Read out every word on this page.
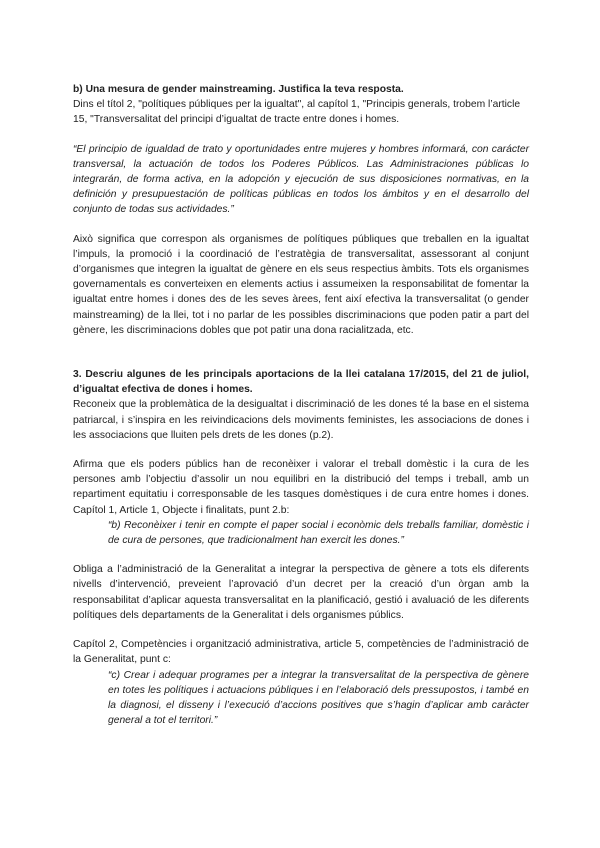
b) Una mesura de gender mainstreaming. Justifica la teva resposta.

Dins el títol 2, "polítiques públiques per la igualtat", al capítol 1, "Principis generals, trobem l’article 15, "Transversalitat del principi d’igualtat de tracte entre dones i homes.

“El principio de igualdad de trato y oportunidades entre mujeres y hombres informará, con carácter transversal, la actuación de todos los Poderes Públicos. Las Administraciones públicas lo integrarán, de forma activa, en la adopción y ejecución de sus disposiciones normativas, en la definición y presupuestación de políticas públicas en todos los ámbitos y en el desarrollo del conjunto de todas sus actividades.”

Això significa que correspon als organismes de polítiques públiques que treballen en la igualtat l’impuls, la promoció i la coordinació de l’estratègia de transversalitat, assessorant al conjunt d’organismes que integren la igualtat de gènere en els seus respectius àmbits. Tots els organismes governamentals es converteixen en elements actius i assumeixen la responsabilitat de fomentar la igualtat entre homes i dones des de les seves àrees, fent així efectiva la transversalitat (o gender mainstreaming) de la llei, tot i no parlar de les possibles discriminacions que poden patir a part del gènere, les discriminacions dobles que pot patir una dona racialitzada, etc.

3. Descriu algunes de les principals aportacions de la llei catalana 17/2015, del 21 de juliol, d’igualtat efectiva de dones i homes.

Reconeix que la problemàtica de la desigualtat i discriminació de les dones té la base en el sistema patriarcal, i s’inspira en les reivindicacions dels moviments feministes, les associacions de dones i les associacions que lluiten pels drets de les dones (p.2).

Afirma que els poders públics han de reconèixer i valorar el treball domèstic i la cura de les persones amb l’objectiu d’assolir un nou equilibri en la distribució del temps i treball, amb un repartiment equitatiu i corresponsable de les tasques domèstiques i de cura entre homes i dones. Capítol 1, Article 1, Objecte i finalitats, punt 2.b:

“b) Reconèixer i tenir en compte el paper social i econòmic dels treballs familiar, domèstic i de cura de persones, que tradicionalment han exercit les dones.”

Obliga a l’administració de la Generalitat a integrar la perspectiva de gènere a tots els diferents nivells d’intervenció, preveient l’aprovació d’un decret per la creació d’un òrgan amb la responsabilitat d’aplicar aquesta transversalitat en la planificació, gestió i avaluació de les diferents polítiques dels departaments de la Generalitat i dels organismes públics.

Capítol 2, Competències i organització administrativa, article 5, competències de l’administració de la Generalitat, punt c:

“c) Crear i adequar programes per a integrar la transversalitat de la perspectiva de gènere en totes les polítiques i actuacions públiques i en l’elaboració dels pressupostos, i també en la diagnosi, el disseny i l’execució d’accions positives que s’hagin d’aplicar amb caràcter general a tot el territori.”
